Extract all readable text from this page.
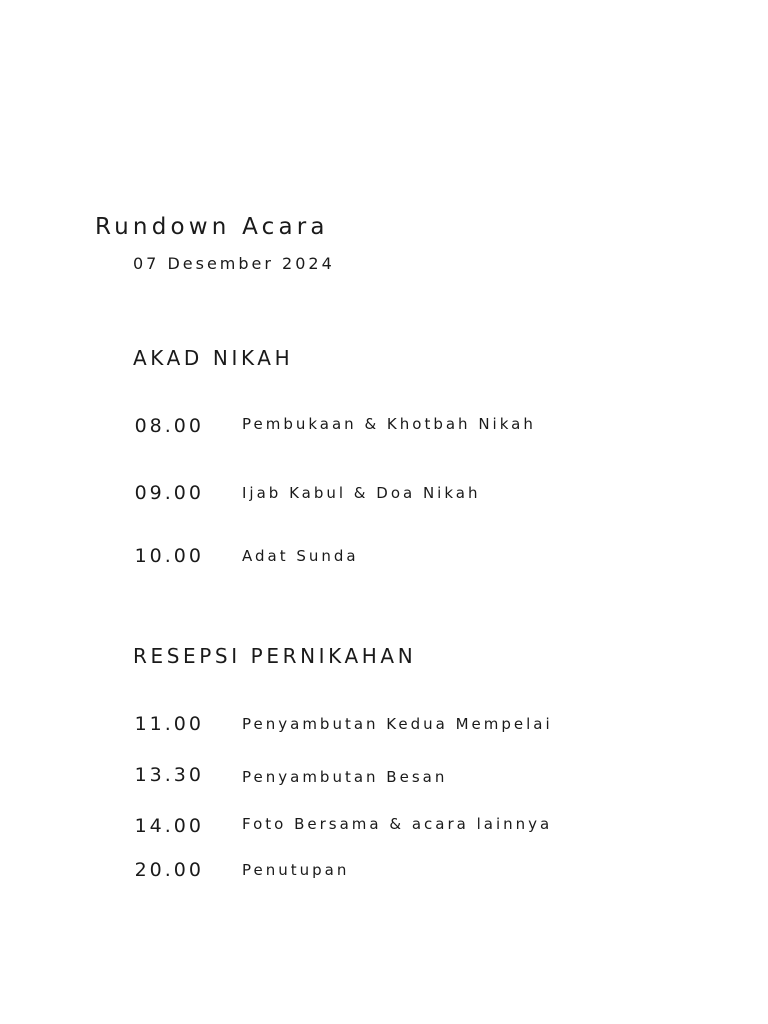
Rundown Acara
07 Desember 2024
AKAD NIKAH
08.00	Pembukaan & Khotbah Nikah
09.00	Ijab Kabul & Doa Nikah
10.00	Adat Sunda
RESEPSI PERNIKAHAN
11.00	Penyambutan Kedua Mempelai
13.30	Penyambutan Besan
14.00	Foto Bersama & acara lainnya
20.00	Penutupan
